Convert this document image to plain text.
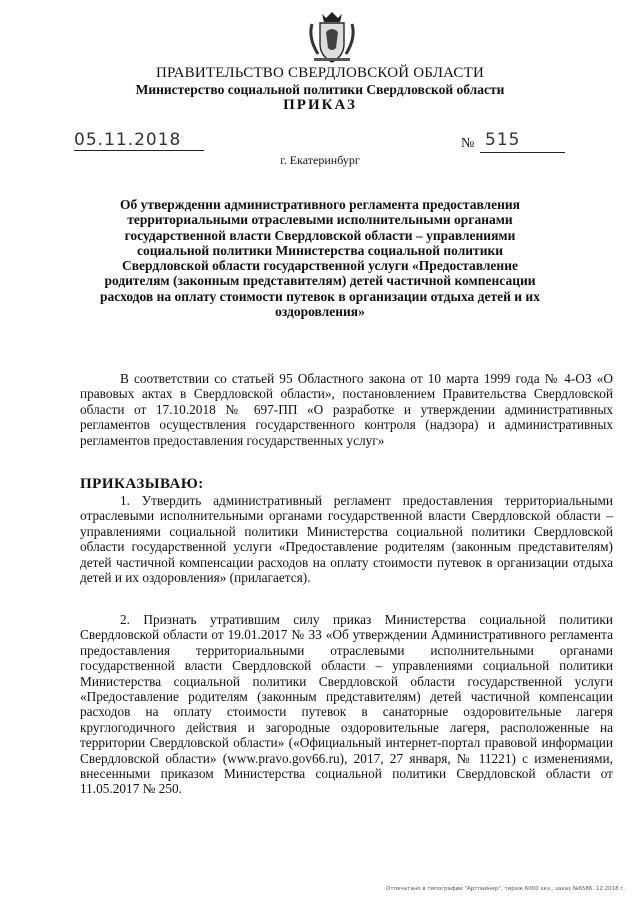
ПРАВИТЕЛЬСТВО СВЕРДЛОВСКОЙ ОБЛАСТИ
Министерство социальной политики Свердловской области
ПРИКАЗ
05.11.2018	№ 515
г. Екатеринбург
Об утверждении административного регламента предоставления территориальными отраслевыми исполнительными органами государственной власти Свердловской области – управлениями социальной политики Министерства социальной политики Свердловской области государственной услуги «Предоставление родителям (законным представителям) детей частичной компенсации расходов на оплату стоимости путевок в организации отдыха детей и их оздоровления»
В соответствии со статьей 95 Областного закона от 10 марта 1999 года № 4-ОЗ «О правовых актах в Свердловской области», постановлением Правительства Свердловской области от 17.10.2018 № 697-ПП «О разработке и утверждении административных регламентов осуществления государственного контроля (надзора) и административных регламентов предоставления государственных услуг»
ПРИКАЗЫВАЮ:
1. Утвердить административный регламент предоставления территориальными отраслевыми исполнительными органами государственной власти Свердловской области – управлениями социальной политики Министерства социальной политики Свердловской области государственной услуги «Предоставление родителям (законным представителям) детей частичной компенсации расходов на оплату стоимости путевок в организации отдыха детей и их оздоровления» (прилагается).
2. Признать утратившим силу приказ Министерства социальной политики Свердловской области от 19.01.2017 № 33 «Об утверждении Административного регламента предоставления территориальными отраслевыми исполнительными органами государственной власти Свердловской области – управлениями социальной политики Министерства социальной политики Свердловской области государственной услуги «Предоставление родителям (законным представителям) детей частичной компенсации расходов на оплату стоимости путевок в санаторные оздоровительные лагеря круглогодичного действия и загородные оздоровительные лагеря, расположенные на территории Свердловской области» («Официальный интернет-портал правовой информации Свердловской области» (www.pravo.gov66.ru), 2017, 27 января, № 11221) с изменениями, внесенными приказом Министерства социальной политики Свердловской области от 11.05.2017 № 250.
Отпечатано в типографии "Артлайнер", тираж 6000 экз., заказ №6586. 12.2018 г.
